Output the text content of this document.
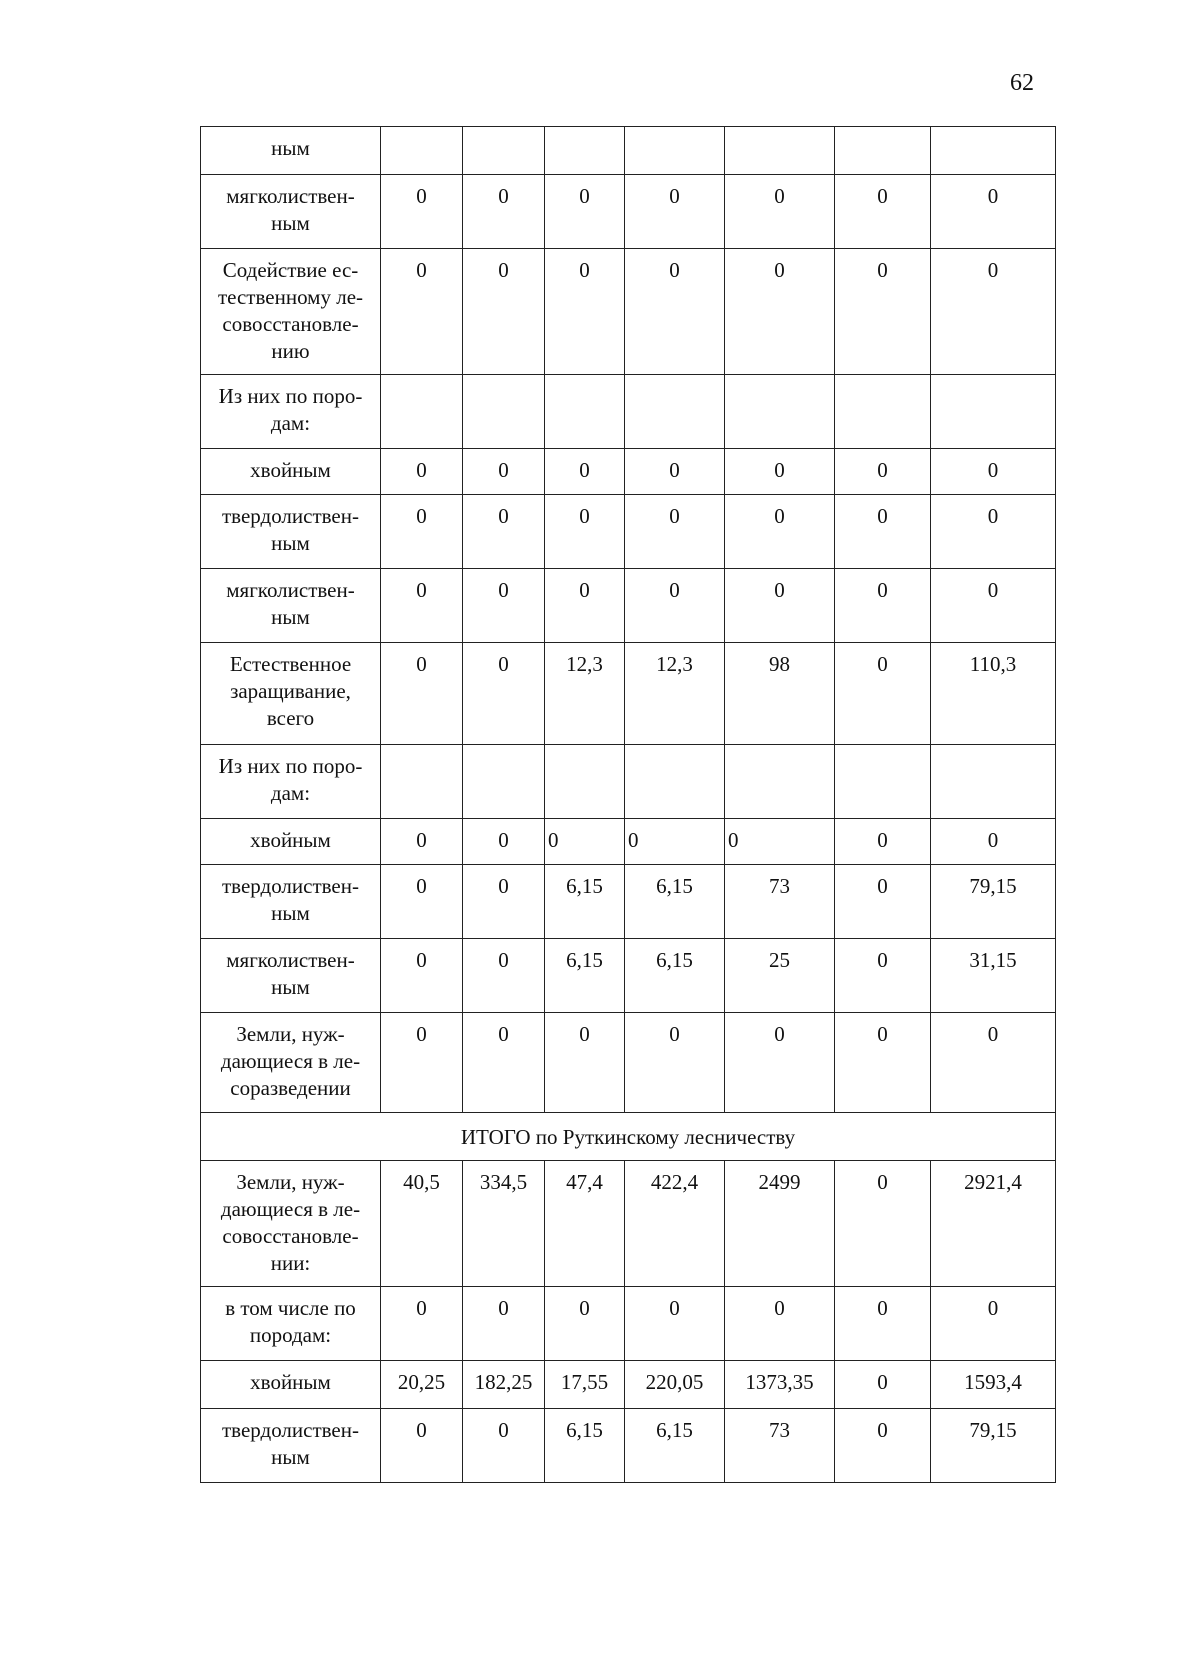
62
ным							
мягколиствен-ным	0	0	0	0	0	0	0
Содействие ес-тественному ле-совосстановле-нию	0	0	0	0	0	0	0
Из них по поро-дам:							
хвойным	0	0	0	0	0	0	0
твердолиствен-ным	0	0	0	0	0	0	0
мягколиствен-ным	0	0	0	0	0	0	0
Естественное заращивание, всего	0	0	12,3	12,3	98	0	110,3
Из них по поро-дам:							
хвойным	0	0	0	0	0	0	0
твердолиствен-ным	0	0	6,15	6,15	73	0	79,15
мягколиствен-ным	0	0	6,15	6,15	25	0	31,15
Земли, нуж-дающиеся в ле-соразведении	0	0	0	0	0	0	0
ИТОГО по Руткинскому лесничеству							
Земли, нуж-дающиеся в ле-совосстановле-нии:	40,5	334,5	47,4	422,4	2499	0	2921,4
в том числе по породам:	0	0	0	0	0	0	0
хвойным	20,25	182,25	17,55	220,05	1373,35	0	1593,4
твердолиствен-ным	0	0	6,15	6,15	73	0	79,15
